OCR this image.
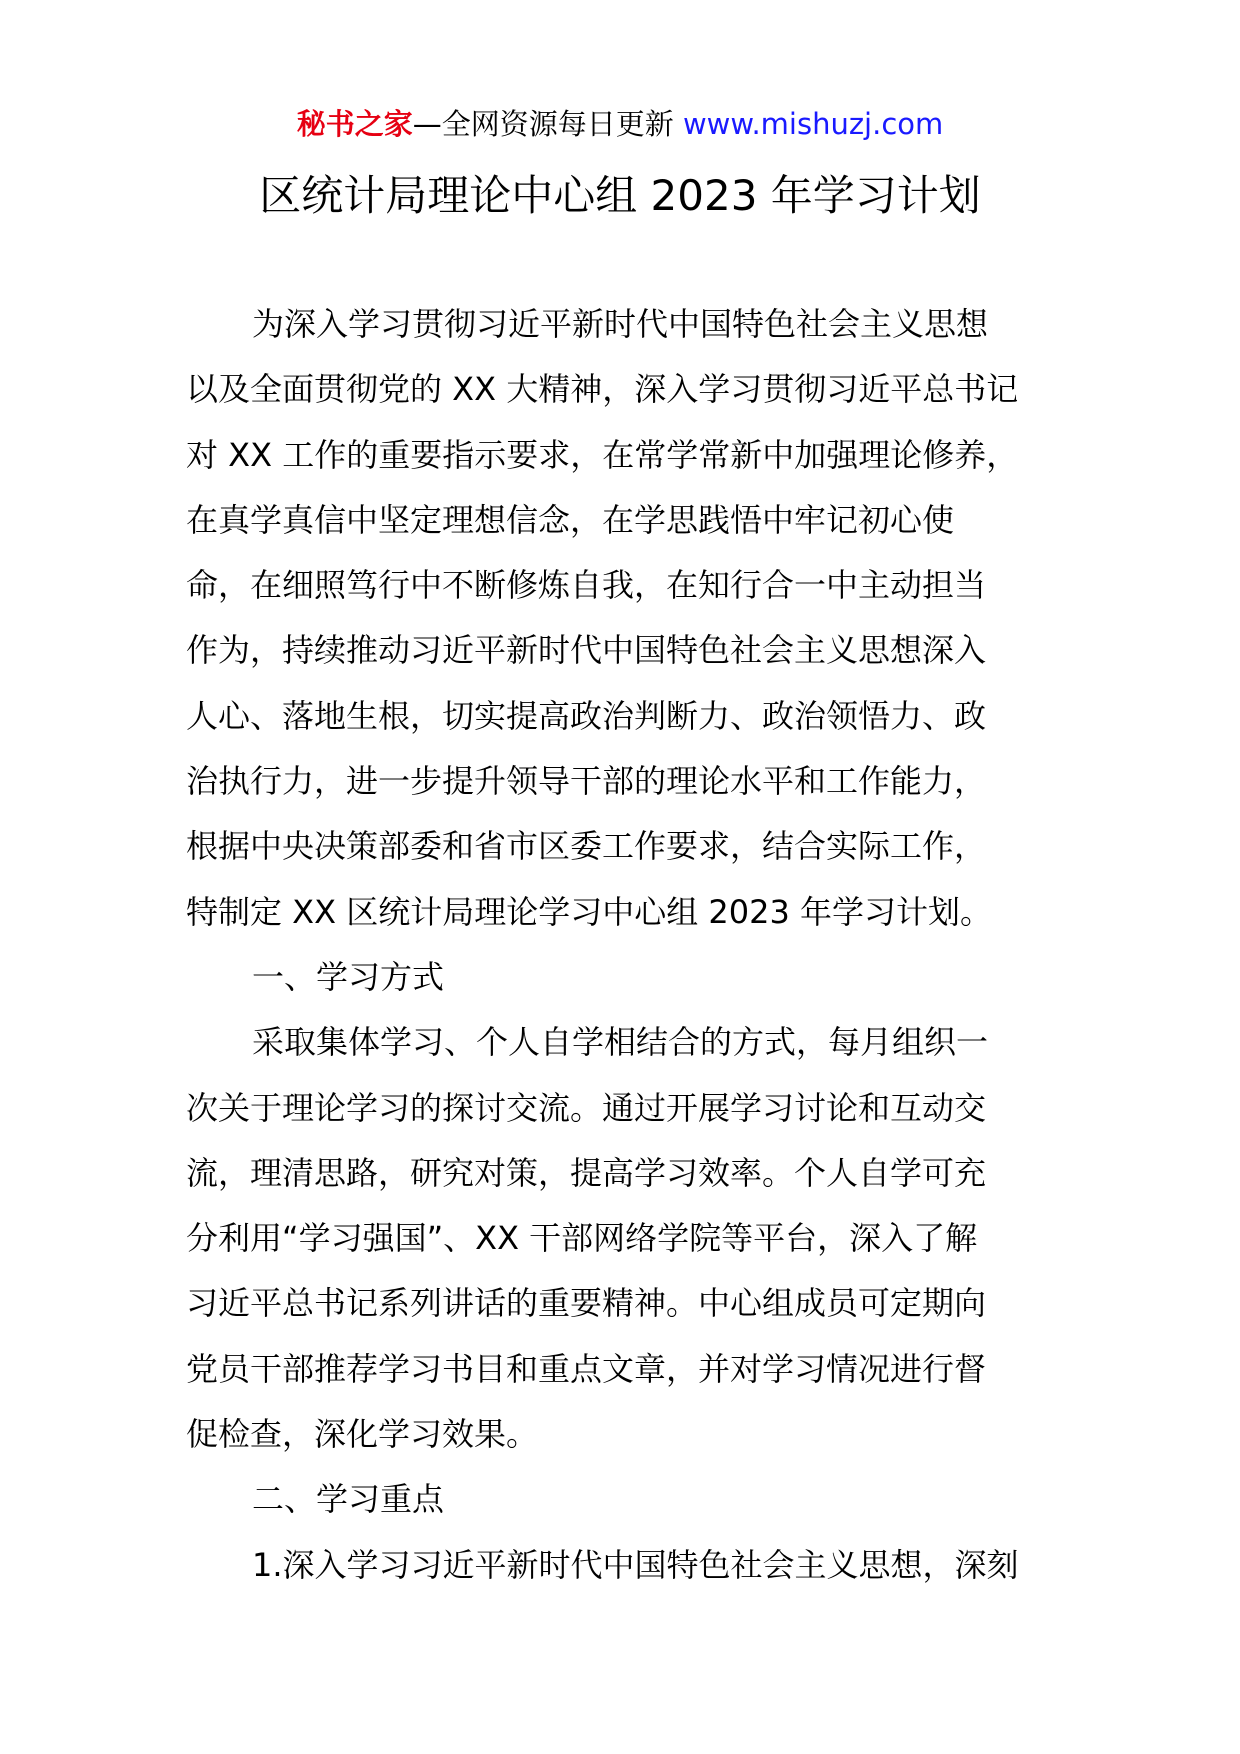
秘书之家—全网资源每日更新 www.mishuzj.com
区统计局理论中心组 2023 年学习计划
为深入学习贯彻习近平新时代中国特色社会主义思想
以及全面贯彻党的 XX 大精神，深入学习贯彻习近平总书记
对 XX 工作的重要指示要求，在常学常新中加强理论修养，
在真学真信中坚定理想信念，在学思践悟中牢记初心使
命，在细照笃行中不断修炼自我，在知行合一中主动担当
作为，持续推动习近平新时代中国特色社会主义思想深入
人心、落地生根，切实提高政治判断力、政治领悟力、政
治执行力，进一步提升领导干部的理论水平和工作能力，
根据中央决策部委和省市区委工作要求，结合实际工作，
特制定 XX 区统计局理论学习中心组 2023 年学习计划。
一、学习方式
采取集体学习、个人自学相结合的方式，每月组织一
次关于理论学习的探讨交流。通过开展学习讨论和互动交
流，理清思路，研究对策，提高学习效率。个人自学可充
分利用“学习强国”、XX 干部网络学院等平台，深入了解
习近平总书记系列讲话的重要精神。中心组成员可定期向
党员干部推荐学习书目和重点文章，并对学习情况进行督
促检查，深化学习效果。
二、学习重点
1.深入学习习近平新时代中国特色社会主义思想，深刻
